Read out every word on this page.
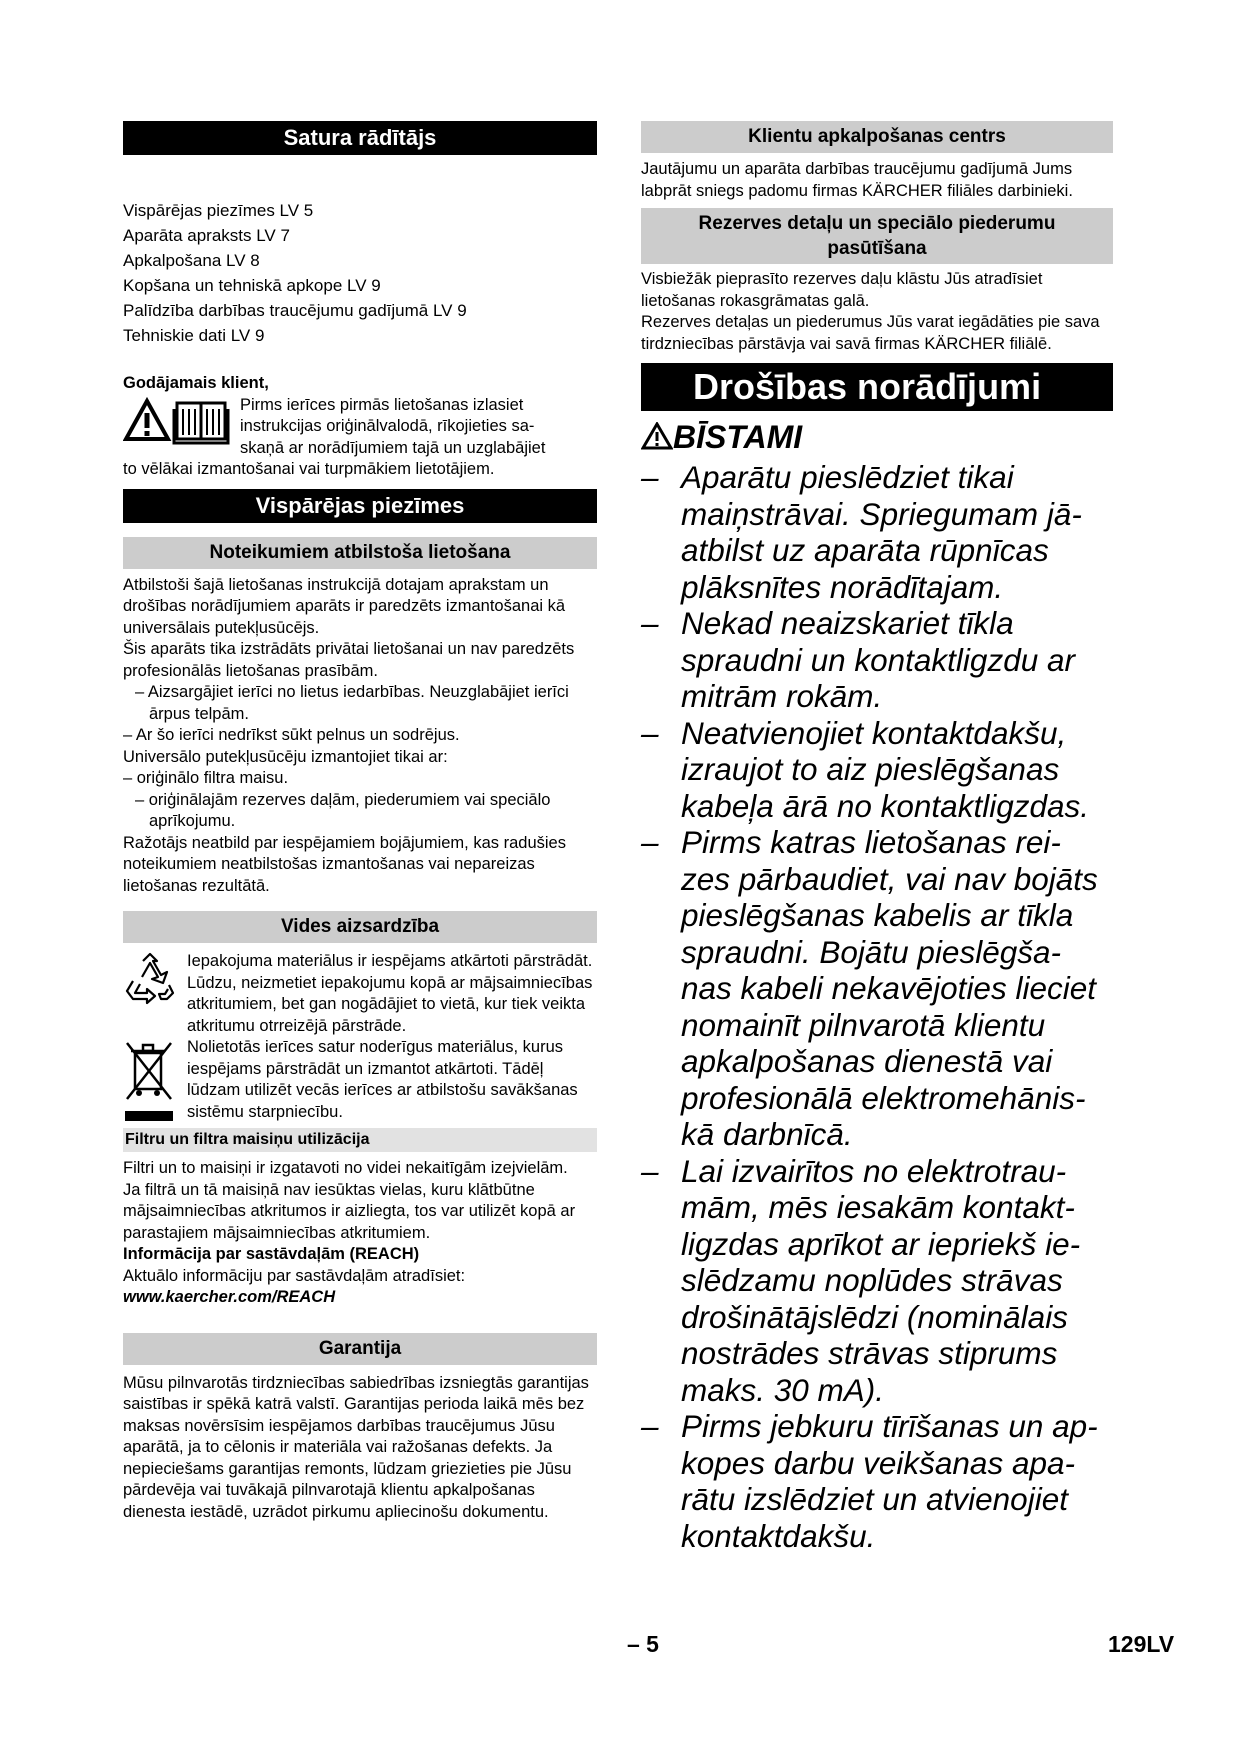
Satura rādītājs
Vispārējas piezīmes LV 5
Aparāta apraksts LV 7
Apkalpošana LV 8
Kopšana un tehniskā apkope LV 9
Palīdzība darbības traucējumu gadījumā LV 9
Tehniskie dati LV 9

Godājamais klient,

Pirms ierīces pirmās lietošanas izlasiet

instrukcijas oriģinālvalodā, rīkojieties sa-

skaņā ar norādījumiem tajā un uzglabājiet

to vēlākai izmantošanai vai turpmākiem lietotājiem.

Vispārējas piezīmes
Noteikumiem atbilstoša lietošana

Atbilstoši šajā lietošanas instrukcijā dotajam aprakstam un drošības norādījumiem aparāts ir paredzēts izmantošanai kā universālais putekļusūcējs.

Šis aparāts tika izstrādāts privātai lietošanai un nav paredzēts profesionālās lietošanas prasībām.

– Aizsargājiet ierīci no lietus iedarbības. Neuzglabājiet ierīci ārpus telpām.

– Ar šo ierīci nedrīkst sūkt pelnus un sodrējus.

Universālo putekļusūcēju izmantojiet tikai ar:

– oriģinālo filtra maisu.

– oriģinālajām rezerves daļām, piederumiem vai speciālo aprīkojumu.

Ražotājs neatbild par iespējamiem bojājumiem, kas radušies noteikumiem neatbilstošas izmantošanas vai nepareizas lietošanas rezultātā.

Vides aizsardzība

Iepakojuma materiālus ir iespējams atkārtoti pārstrādāt. Lūdzu, neizmetiet iepakojumu kopā ar mājsaimniecības atkritumiem, bet gan nogādājiet to vietā, kur tiek veikta atkritumu otrreizējā pārstrāde.

Nolietotās ierīces satur noderīgus materiālus, kurus iespējams pārstrādāt un izmantot atkārtoti. Tādēļ lūdzam utilizēt vecās ierīces ar atbilstošu savākšanas sistēmu starpniecību.

Filtru un filtra maisiņu utilizācija

Filtri un to maisiņi ir izgatavoti no videi nekaitīgām izejvielām.

Ja filtrā un tā maisiņā nav iesūktas vielas, kuru klātbūtne mājsaimniecības atkritumos ir aizliegta, tos var utilizēt kopā ar parastajiem mājsaimniecības atkritumiem.

Informācija par sastāvdaļām (REACH)

Aktuālo informāciju par sastāvdaļām atradīsiet:

www.kaercher.com/REACH

Garantija

Mūsu pilnvarotās tirdzniecības sabiedrības izsniegtās garantijas saistības ir spēkā katrā valstī. Garantijas perioda laikā mēs bez maksas novērsīsim iespējamos darbības traucējumus Jūsu aparātā, ja to cēlonis ir materiāla vai ražošanas defekts. Ja nepieciešams garantijas remonts, lūdzam griezieties pie Jūsu pārdevēja vai tuvākajā pilnvarotajā klientu apkalpošanas dienesta iestādē, uzrādot pirkumu apliecinošu dokumentu.

Klientu apkalpošanas centrs

Jautājumu un aparāta darbības traucējumu gadījumā Jums labprāt sniegs padomu firmas KÄRCHER filiāles darbinieki.

Rezerves detaļu un speciālo piederumu
pasūtīšana

Visbiežāk pieprasīto rezerves daļu klāstu Jūs atradīsiet lietošanas rokasgrāmatas galā.

Rezerves detaļas un piederumus Jūs varat iegādāties pie sava tirdzniecības pārstāvja vai savā firmas KÄRCHER filiālē.

Drošības norādījumi
BĪSTAMI
– Aparātu pieslēdziet tikai
maiņstrāvai. Spriegumam jā-
atbilst uz aparāta rūpnīcas
plāksnītes norādītajam.
– Nekad neaizskariet tīkla
spraudni un kontaktligzdu ar
mitrām rokām.
– Neatvienojiet kontaktdakšu,
izraujot to aiz pieslēgšanas
kabeļa ārā no kontaktligzdas.
– Pirms katras lietošanas rei-
zes pārbaudiet, vai nav bojāts
pieslēgšanas kabelis ar tīkla
spraudni. Bojātu pieslēgša-
nas kabeli nekavējoties lieciet
nomainīt pilnvarotā klientu
apkalpošanas dienestā vai
profesionālā elektromehānis-
kā darbnīcā.
– Lai izvairītos no elektrotrau-
mām, mēs iesakām kontakt-
ligzdas aprīkot ar iepriekš ie-
slēdzamu noplūdes strāvas
drošinātājslēdzi (nominālais
nostrādes strāvas stiprums
maks. 30 mA).
– Pirms jebkuru tīrīšanas un ap-
kopes darbu veikšanas apa-
rātu izslēdziet un atvienojiet
kontaktdakšu.
– 5	129LV
